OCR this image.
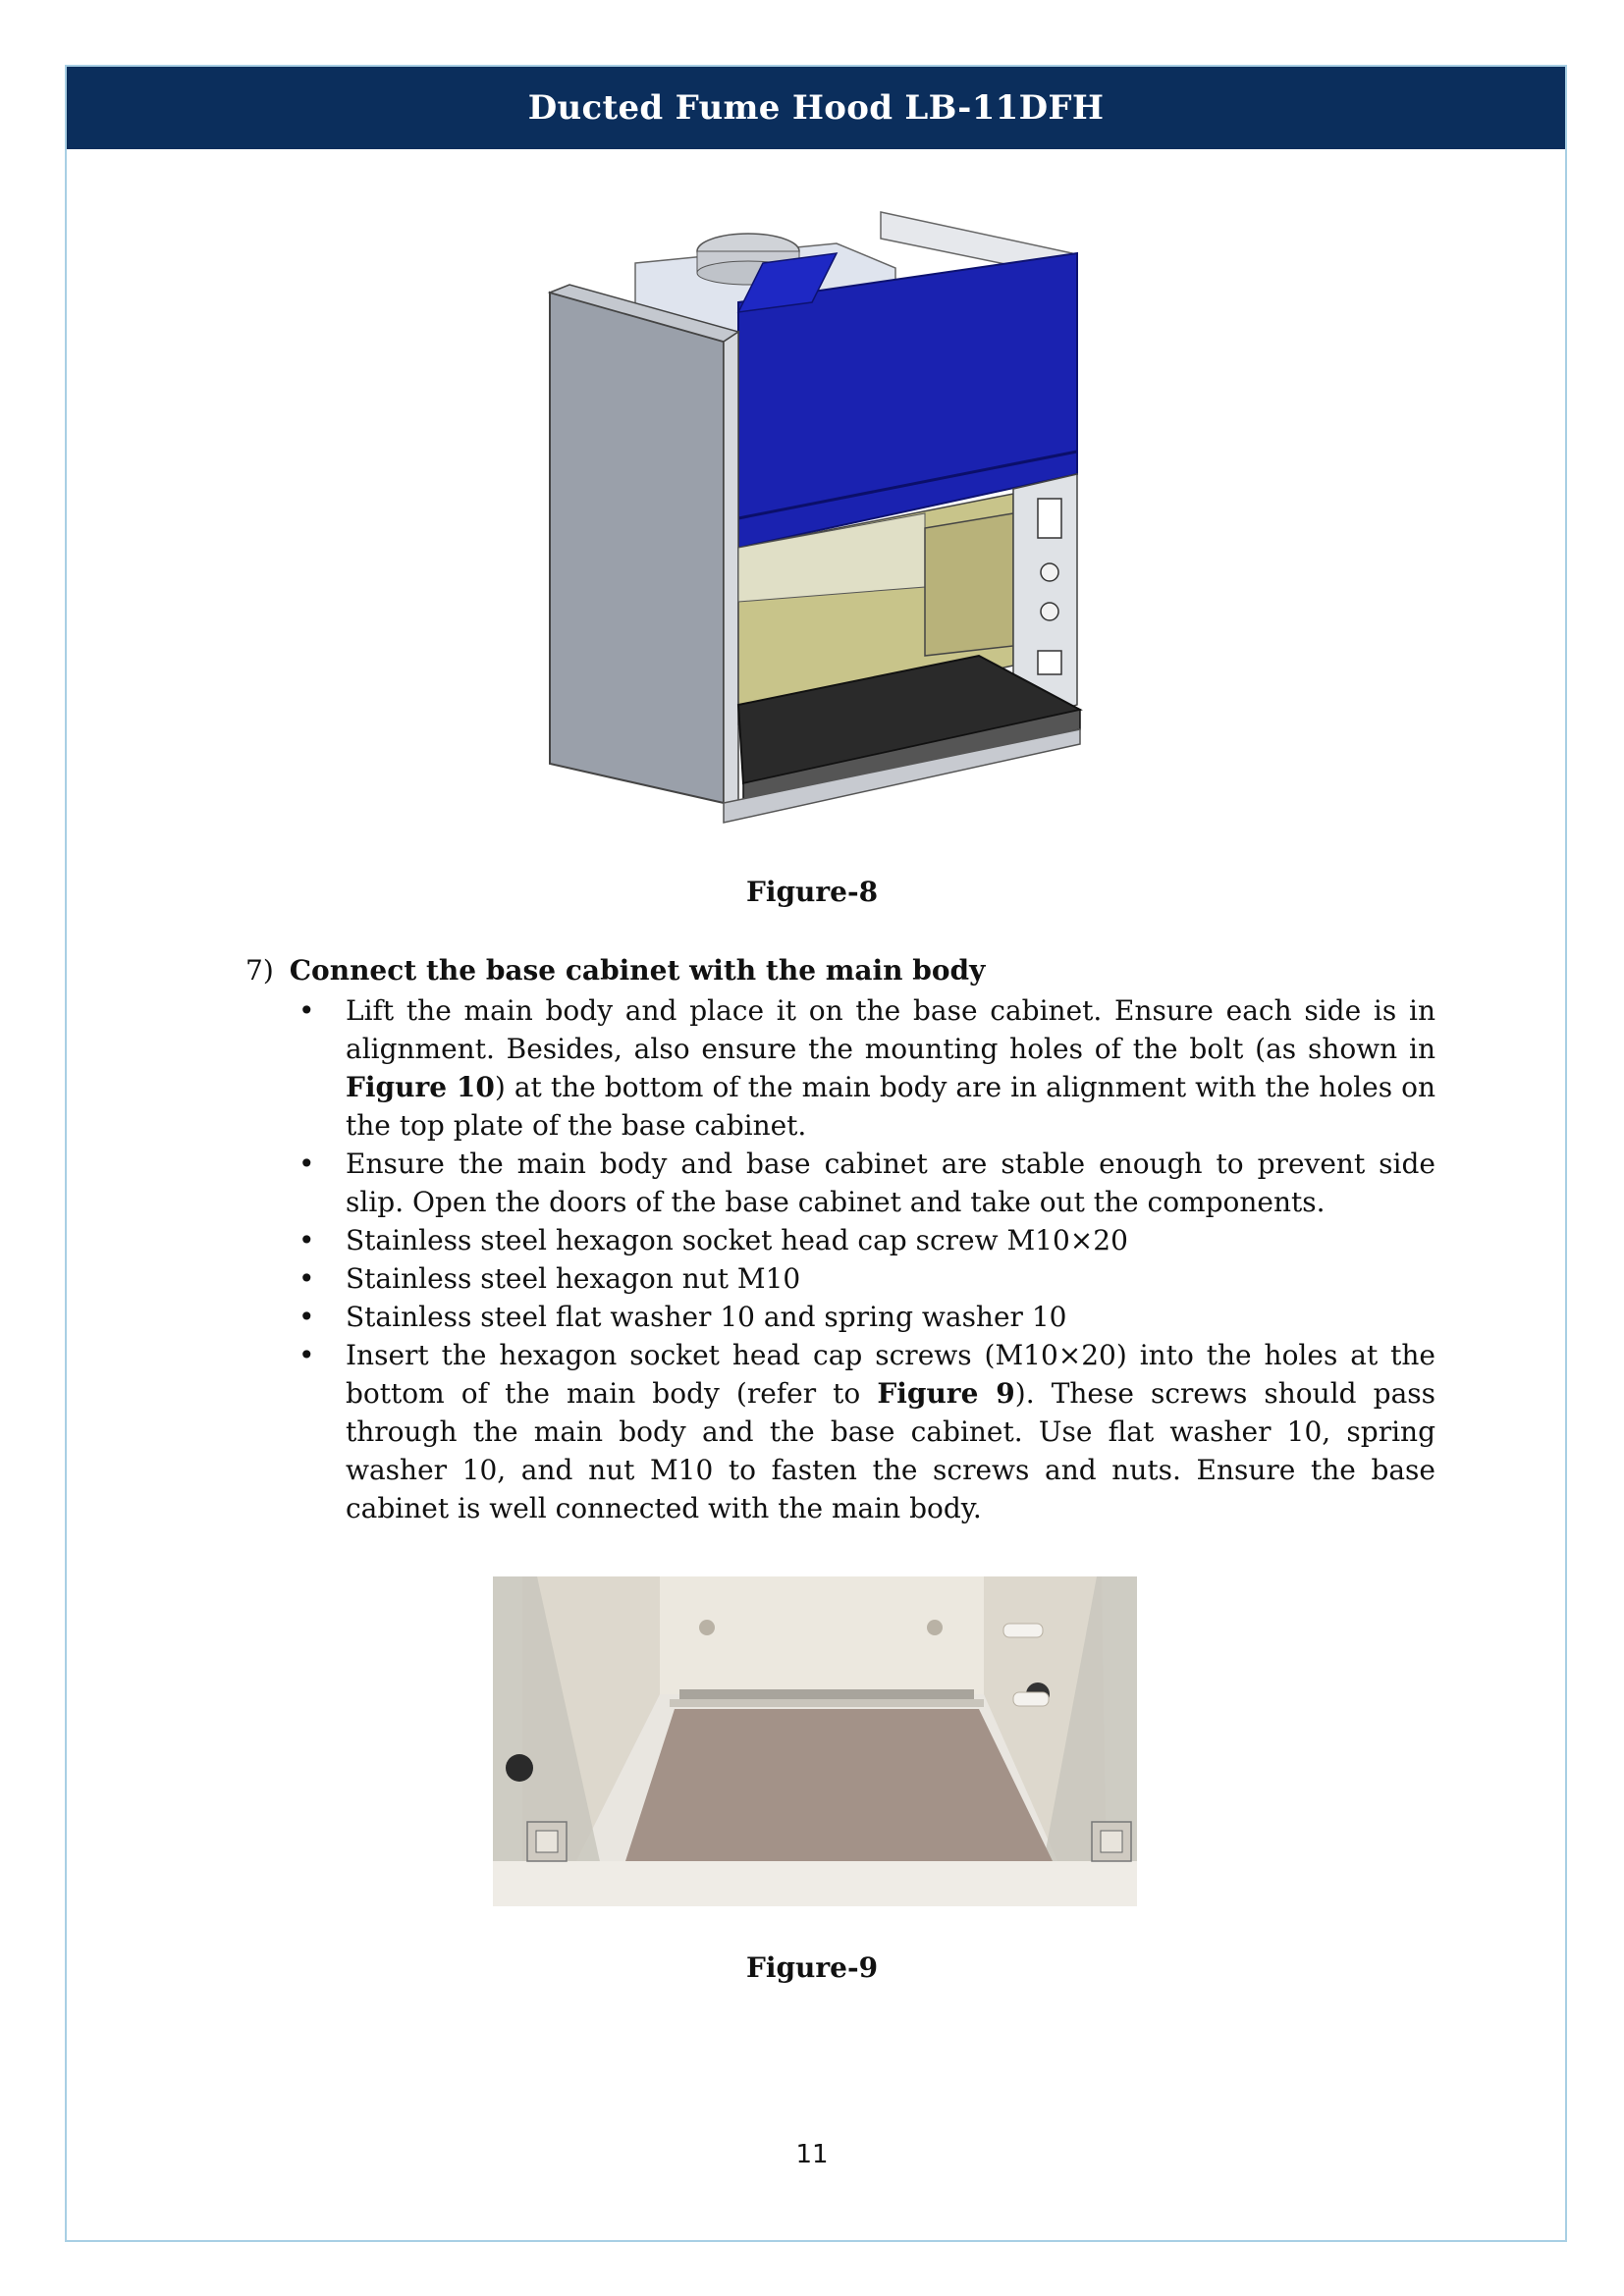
Ducted Fume Hood LB-11DFH
Figure-8
7) Connect the base cabinet with the main body
• Lift the main body and place it on the base cabinet. Ensure each side is in alignment. Besides, also ensure the mounting holes of the bolt (as shown in Figure 10) at the bottom of the main body are in alignment with the holes on the top plate of the base cabinet.
• Ensure the main body and base cabinet are stable enough to prevent side slip. Open the doors of the base cabinet and take out the components.
• Stainless steel hexagon socket head cap screw M10×20
• Stainless steel hexagon nut M10
• Stainless steel flat washer 10 and spring washer 10
• Insert the hexagon socket head cap screws (M10×20) into the holes at the bottom of the main body (refer to Figure 9). These screws should pass through the main body and the base cabinet. Use flat washer 10, spring washer 10, and nut M10 to fasten the screws and nuts. Ensure the base cabinet is well connected with the main body.
Figure-9
11
